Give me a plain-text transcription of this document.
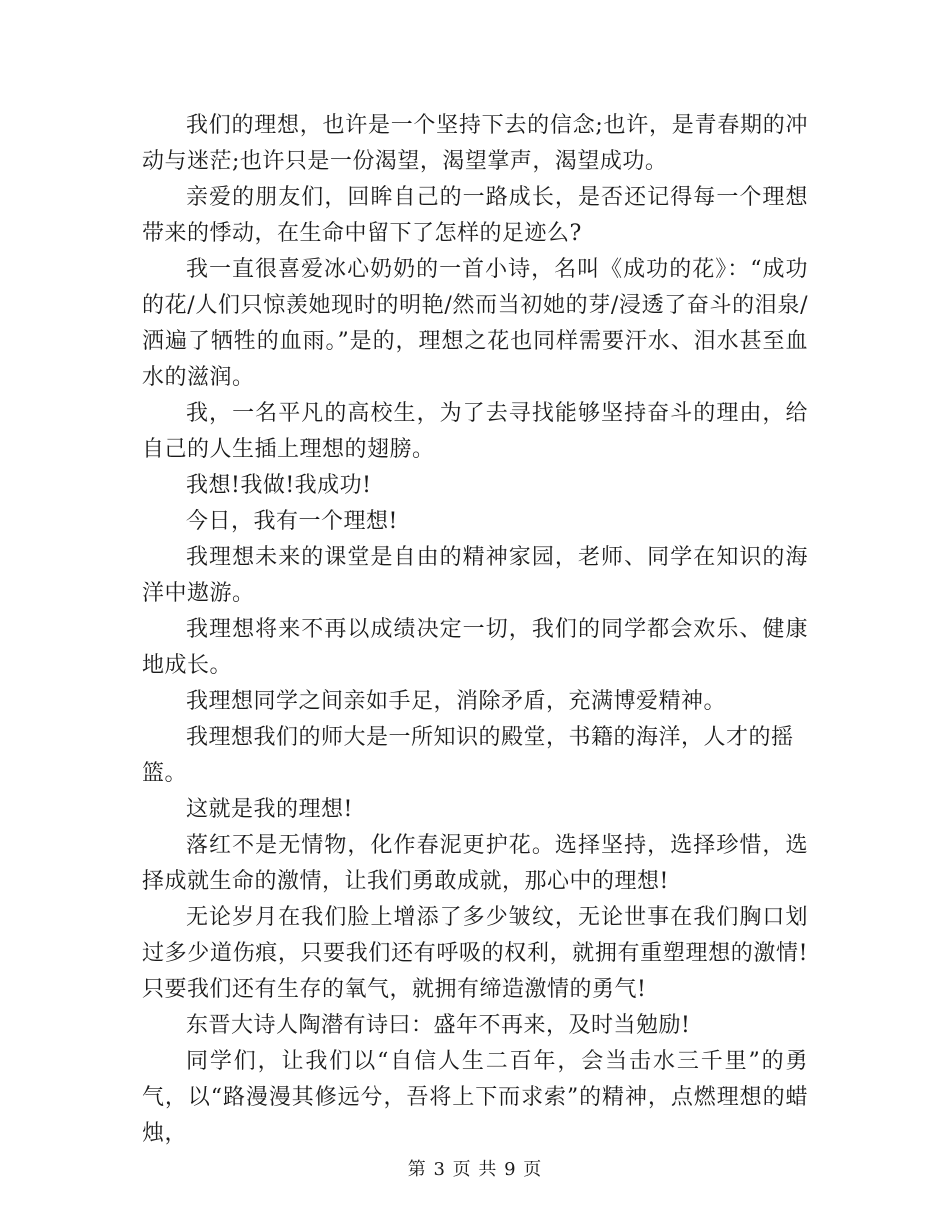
我们的理想，也许是一个坚持下去的信念;也许，是青春期的冲动与迷茫;也许只是一份渴望，渴望掌声，渴望成功。

亲爱的朋友们，回眸自己的一路成长，是否还记得每一个理想带来的悸动，在生命中留下了怎样的足迹么?

我一直很喜爱冰心奶奶的一首小诗，名叫《成功的花》：“成功的花/人们只惊羡她现时的明艳/然而当初她的芽/浸透了奋斗的泪泉/洒遍了牺牲的血雨。”是的，理想之花也同样需要汗水、泪水甚至血水的滋润。

我，一名平凡的高校生，为了去寻找能够坚持奋斗的理由，给自己的人生插上理想的翅膀。

我想!我做!我成功!

今日，我有一个理想!

我理想未来的课堂是自由的精神家园，老师、同学在知识的海洋中遨游。

我理想将来不再以成绩决定一切，我们的同学都会欢乐、健康地成长。

我理想同学之间亲如手足，消除矛盾，充满博爱精神。

我理想我们的师大是一所知识的殿堂，书籍的海洋，人才的摇篮。

这就是我的理想!

落红不是无情物，化作春泥更护花。选择坚持，选择珍惜，选择成就生命的激情，让我们勇敢成就，那心中的理想!

无论岁月在我们脸上增添了多少皱纹，无论世事在我们胸口划过多少道伤痕，只要我们还有呼吸的权利，就拥有重塑理想的激情!只要我们还有生存的氧气，就拥有缔造激情的勇气!

东晋大诗人陶潜有诗曰：盛年不再来，及时当勉励!

同学们，让我们以“自信人生二百年，会当击水三千里”的勇气，以“路漫漫其修远兮，吾将上下而求索”的精神，点燃理想的蜡烛，

第 3 页 共 9 页
